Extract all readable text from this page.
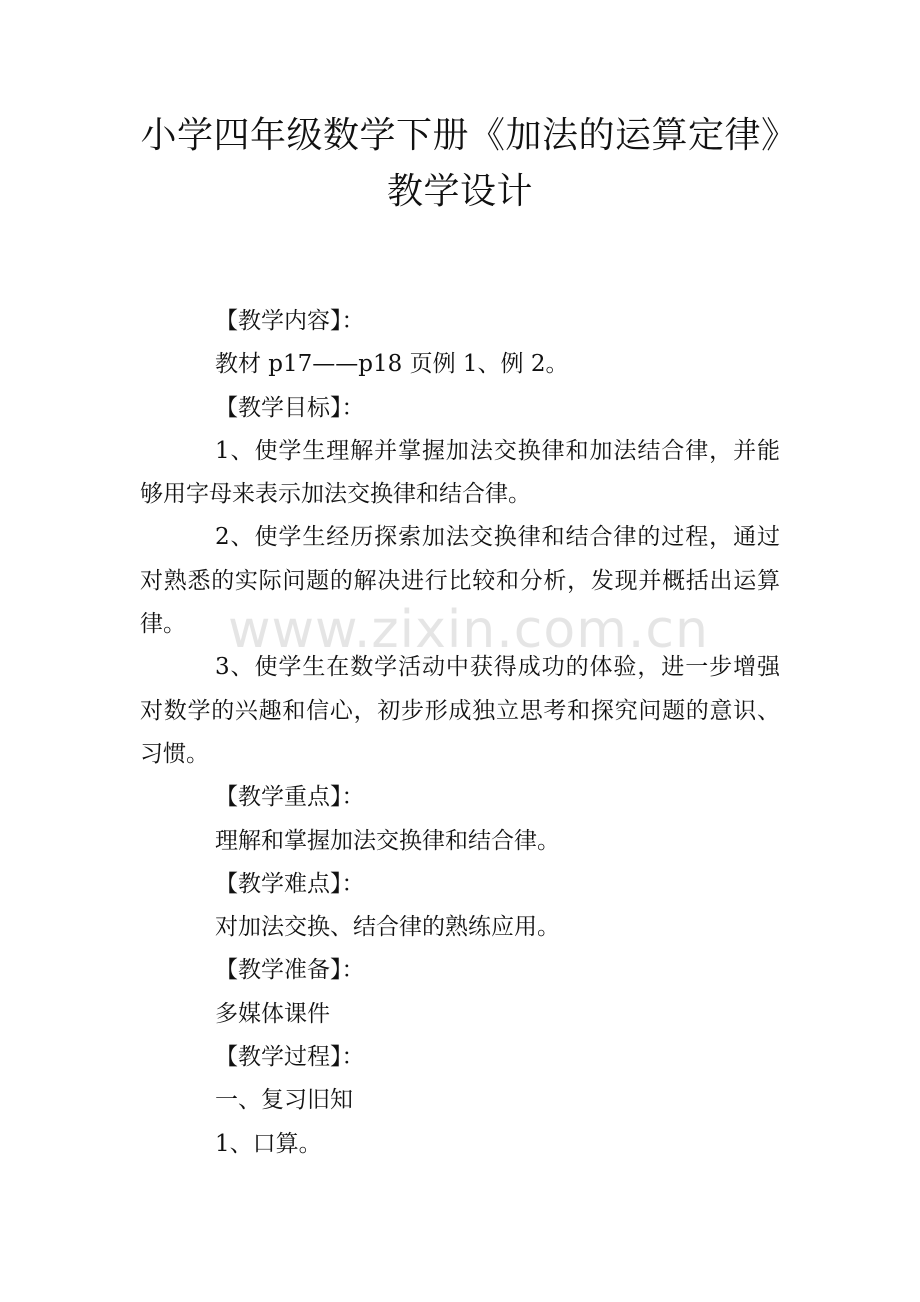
小学四年级数学下册《加法的运算定律》教学设计
【教学内容】：
教材 p17——p18 页例 1、例 2。
【教学目标】：
1、使学生理解并掌握加法交换律和加法结合律，并能够用字母来表示加法交换律和结合律。
2、使学生经历探索加法交换律和结合律的过程，通过对熟悉的实际问题的解决进行比较和分析，发现并概括出运算律。
3、使学生在数学活动中获得成功的体验，进一步增强对数学的兴趣和信心，初步形成独立思考和探究问题的意识、习惯。
【教学重点】：
理解和掌握加法交换律和结合律。
【教学难点】：
对加法交换、结合律的熟练应用。
【教学准备】：
多媒体课件
【教学过程】：
一、复习旧知
1、口算。
www.zixin.com.cn
